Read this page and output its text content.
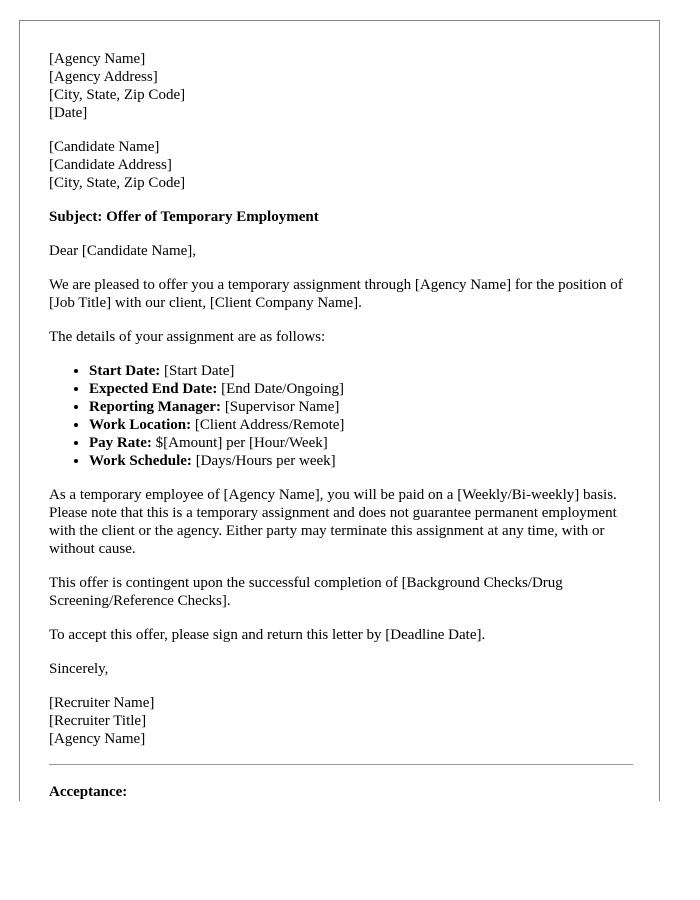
[Agency Name]
[Agency Address]
[City, State, Zip Code]
[Date]
[Candidate Name]
[Candidate Address]
[City, State, Zip Code]

Subject: Offer of Temporary Employment

Dear [Candidate Name],

We are pleased to offer you a temporary assignment through [Agency Name] for the position of [Job Title] with our client, [Client Company Name].

The details of your assignment are as follows:

• Start Date: [Start Date]
• Expected End Date: [End Date/Ongoing]
• Reporting Manager: [Supervisor Name]
• Work Location: [Client Address/Remote]
• Pay Rate: $[Amount] per [Hour/Week]
• Work Schedule: [Days/Hours per week]

As a temporary employee of [Agency Name], you will be paid on a [Weekly/Bi-weekly] basis. Please note that this is a temporary assignment and does not guarantee permanent employment with the client or the agency. Either party may terminate this assignment at any time, with or without cause.

This offer is contingent upon the successful completion of [Background Checks/Drug Screening/Reference Checks].

To accept this offer, please sign and return this letter by [Deadline Date].

Sincerely,

[Recruiter Name]
[Recruiter Title]
[Agency Name]

Acceptance:
